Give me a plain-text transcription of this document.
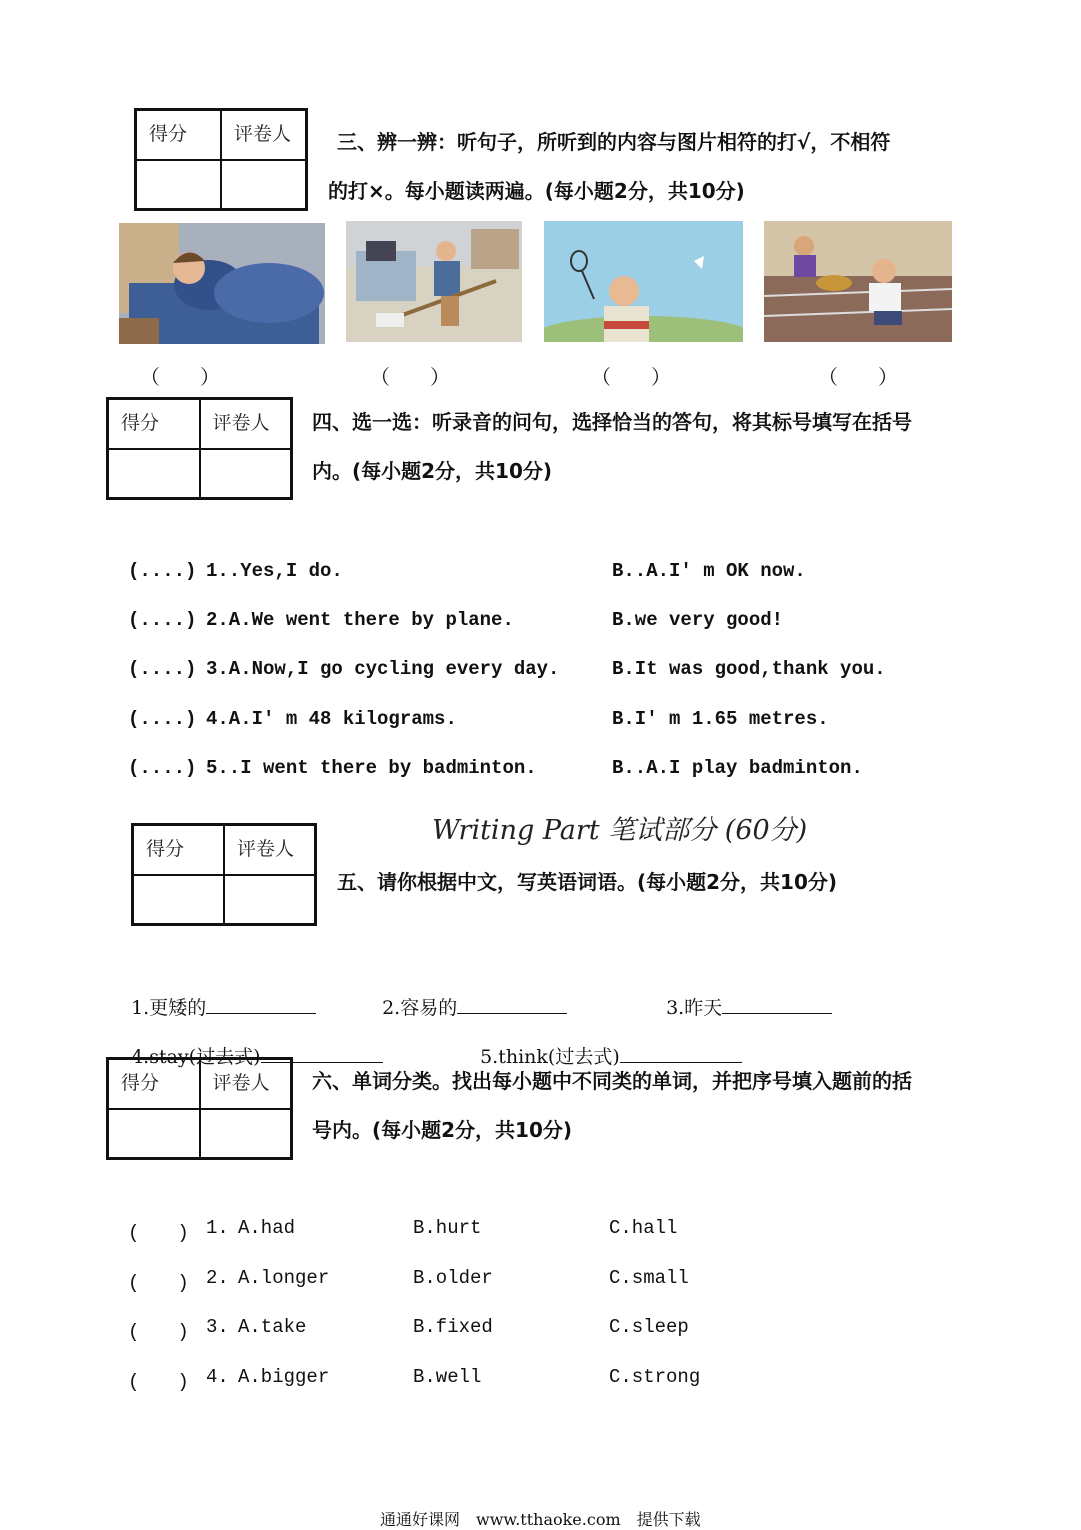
得分	评卷人	三、辨一辨：听句子，所听到的内容与图片相符的打√，不相符
的打×。每小题读两遍。(每小题2分，共10分)
（　　）	（　　）	（　　）	（　　）
得分	评卷人	四、选一选：听录音的问句，选择恰当的答句，将其标号填写在括号
内。(每小题2分，共10分)
(....) 1..Yes,I do.	B..A.I' m OK now.
(....) 2.A.We went there by plane.	B.we very good!
(....) 3.A.Now,I go cycling every day.	B.It was good,thank you.
(....) 4.A.I' m 48 kilograms.	B.I' m 1.65 metres.
(....) 5..I went there by badminton.	B..A.I play badminton.
Writing Part 笔试部分 (60分)
得分	评卷人
五、请你根据中文，写英语词语。(每小题2分，共10分)

1.更矮的	2.容易的	3.昨天

4.stay(过去式)	5.think(过去式)

得分	评卷人	六、单词分类。找出每小题中不同类的单词，并把序号填入题前的括
号内。(每小题2分，共10分)
(　　) 1. A.had	B.hurt	C.hall
(　　) 2. A.longer	B.older	C.small
(　　) 3. A.take	B.fixed	C.sleep
(　　) 4. A.bigger	B.well	C.strong
通通好课网　www.tthaoke.com　提供下载
